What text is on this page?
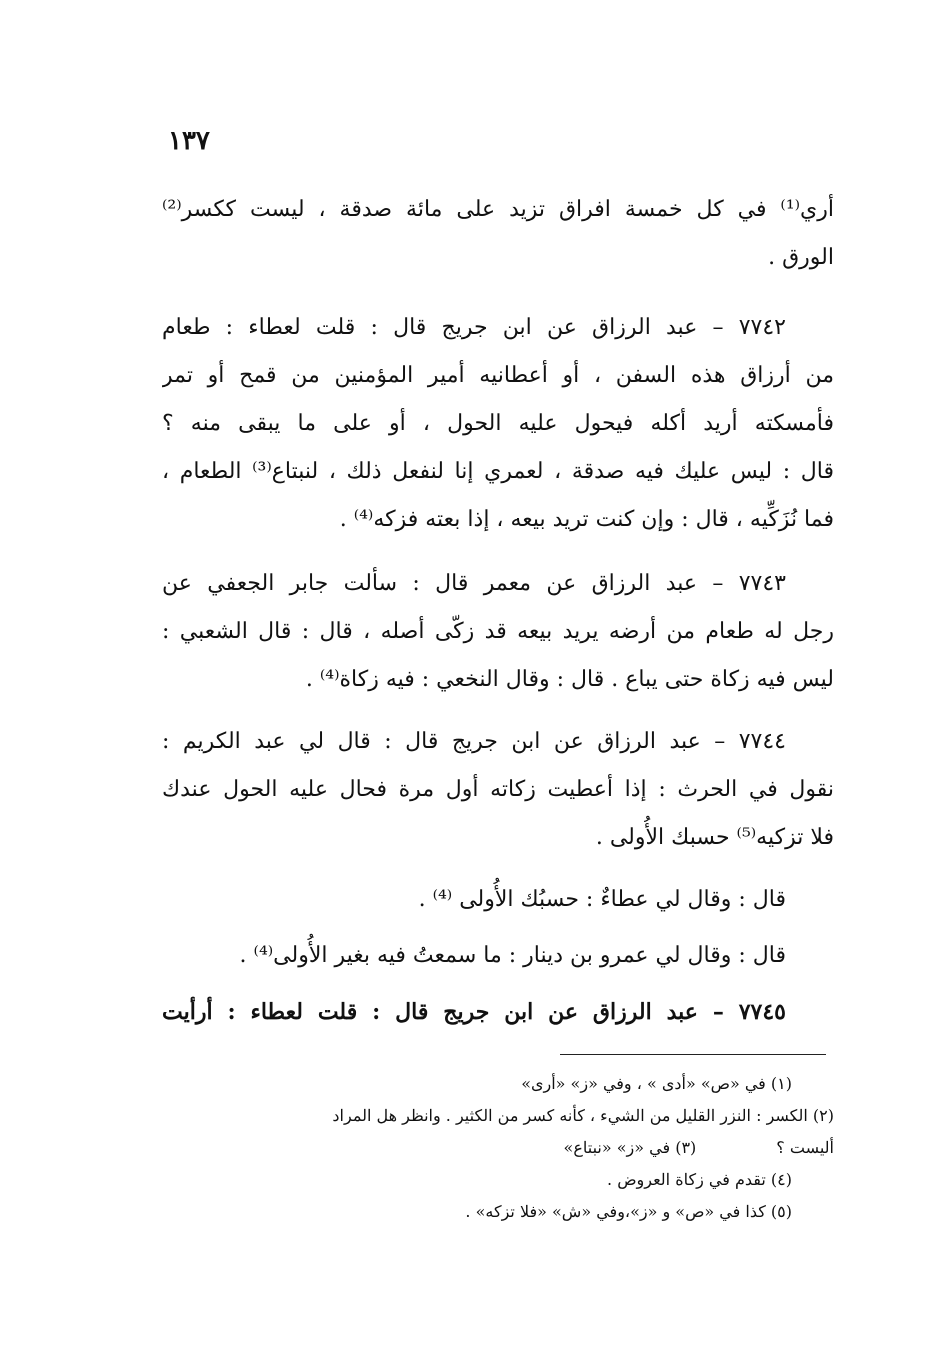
١٣٧
أري⁽¹⁾ في كل خمسة افراق تزيد على مائة صدقة ، ليست ككسر⁽²⁾
الورق .
٧٧٤٢ – عبد الرزاق عن ابن جريج قال : قلت لعطاء : طعام
من أرزاق هذه السفن ، أو أعطانيه أمير المؤمنين من قمح أو تمر
فأمسكته أريد أكله فيحول عليه الحول ، أو على ما يبقى منه ؟
قال : ليس عليك فيه صدقة ، لعمري إنا لنفعل ذلك ، لنبتاع⁽³⁾ الطعام ،
فما نُزَكِّيه ، قال : وإن كنت تريد بيعه ، إذا بعته فزكه⁽⁴⁾ .
٧٧٤٣ – عبد الرزاق عن معمر قال : سألت جابر الجعفي عن
رجل له طعام من أرضه يريد بيعه قد زكّى أصله ، قال : قال الشعبي :
ليس فيه زكاة حتى يباع . قال : وقال النخعي : فيه زكاة⁽⁴⁾ .
٧٧٤٤ – عبد الرزاق عن ابن جريج قال : قال لي عبد الكريم :
نقول في الحرث : إذا أعطيت زكاته أول مرة فحال عليه الحول عندك
فلا تزكيه⁽⁵⁾ حسبك الأُولى .
قال : وقال لي عطاءٌ : حسبُك الأُولى ⁽⁴⁾ .
قال : وقال لي عمرو بن دينار : ما سمعتُ فيه بغير الأُولى⁽⁴⁾ .
٧٧٤٥ – عبد الرزاق عن ابن جريج قال : قلت لعطاء : أرأيت
(١) في «ص» «أدى » ، وفي «ز» «أرى»
(٢) الكسر : النزر القليل من الشيء ، كأنه كسر من الكثير . وانظر هل المراد
أليست ؟(٣) في «ز» «نبتاع»
(٤) تقدم في زكاة العروض .
(٥) كذا في «ص» و «ز»،وفي «ش» «فلا تزكه» .
